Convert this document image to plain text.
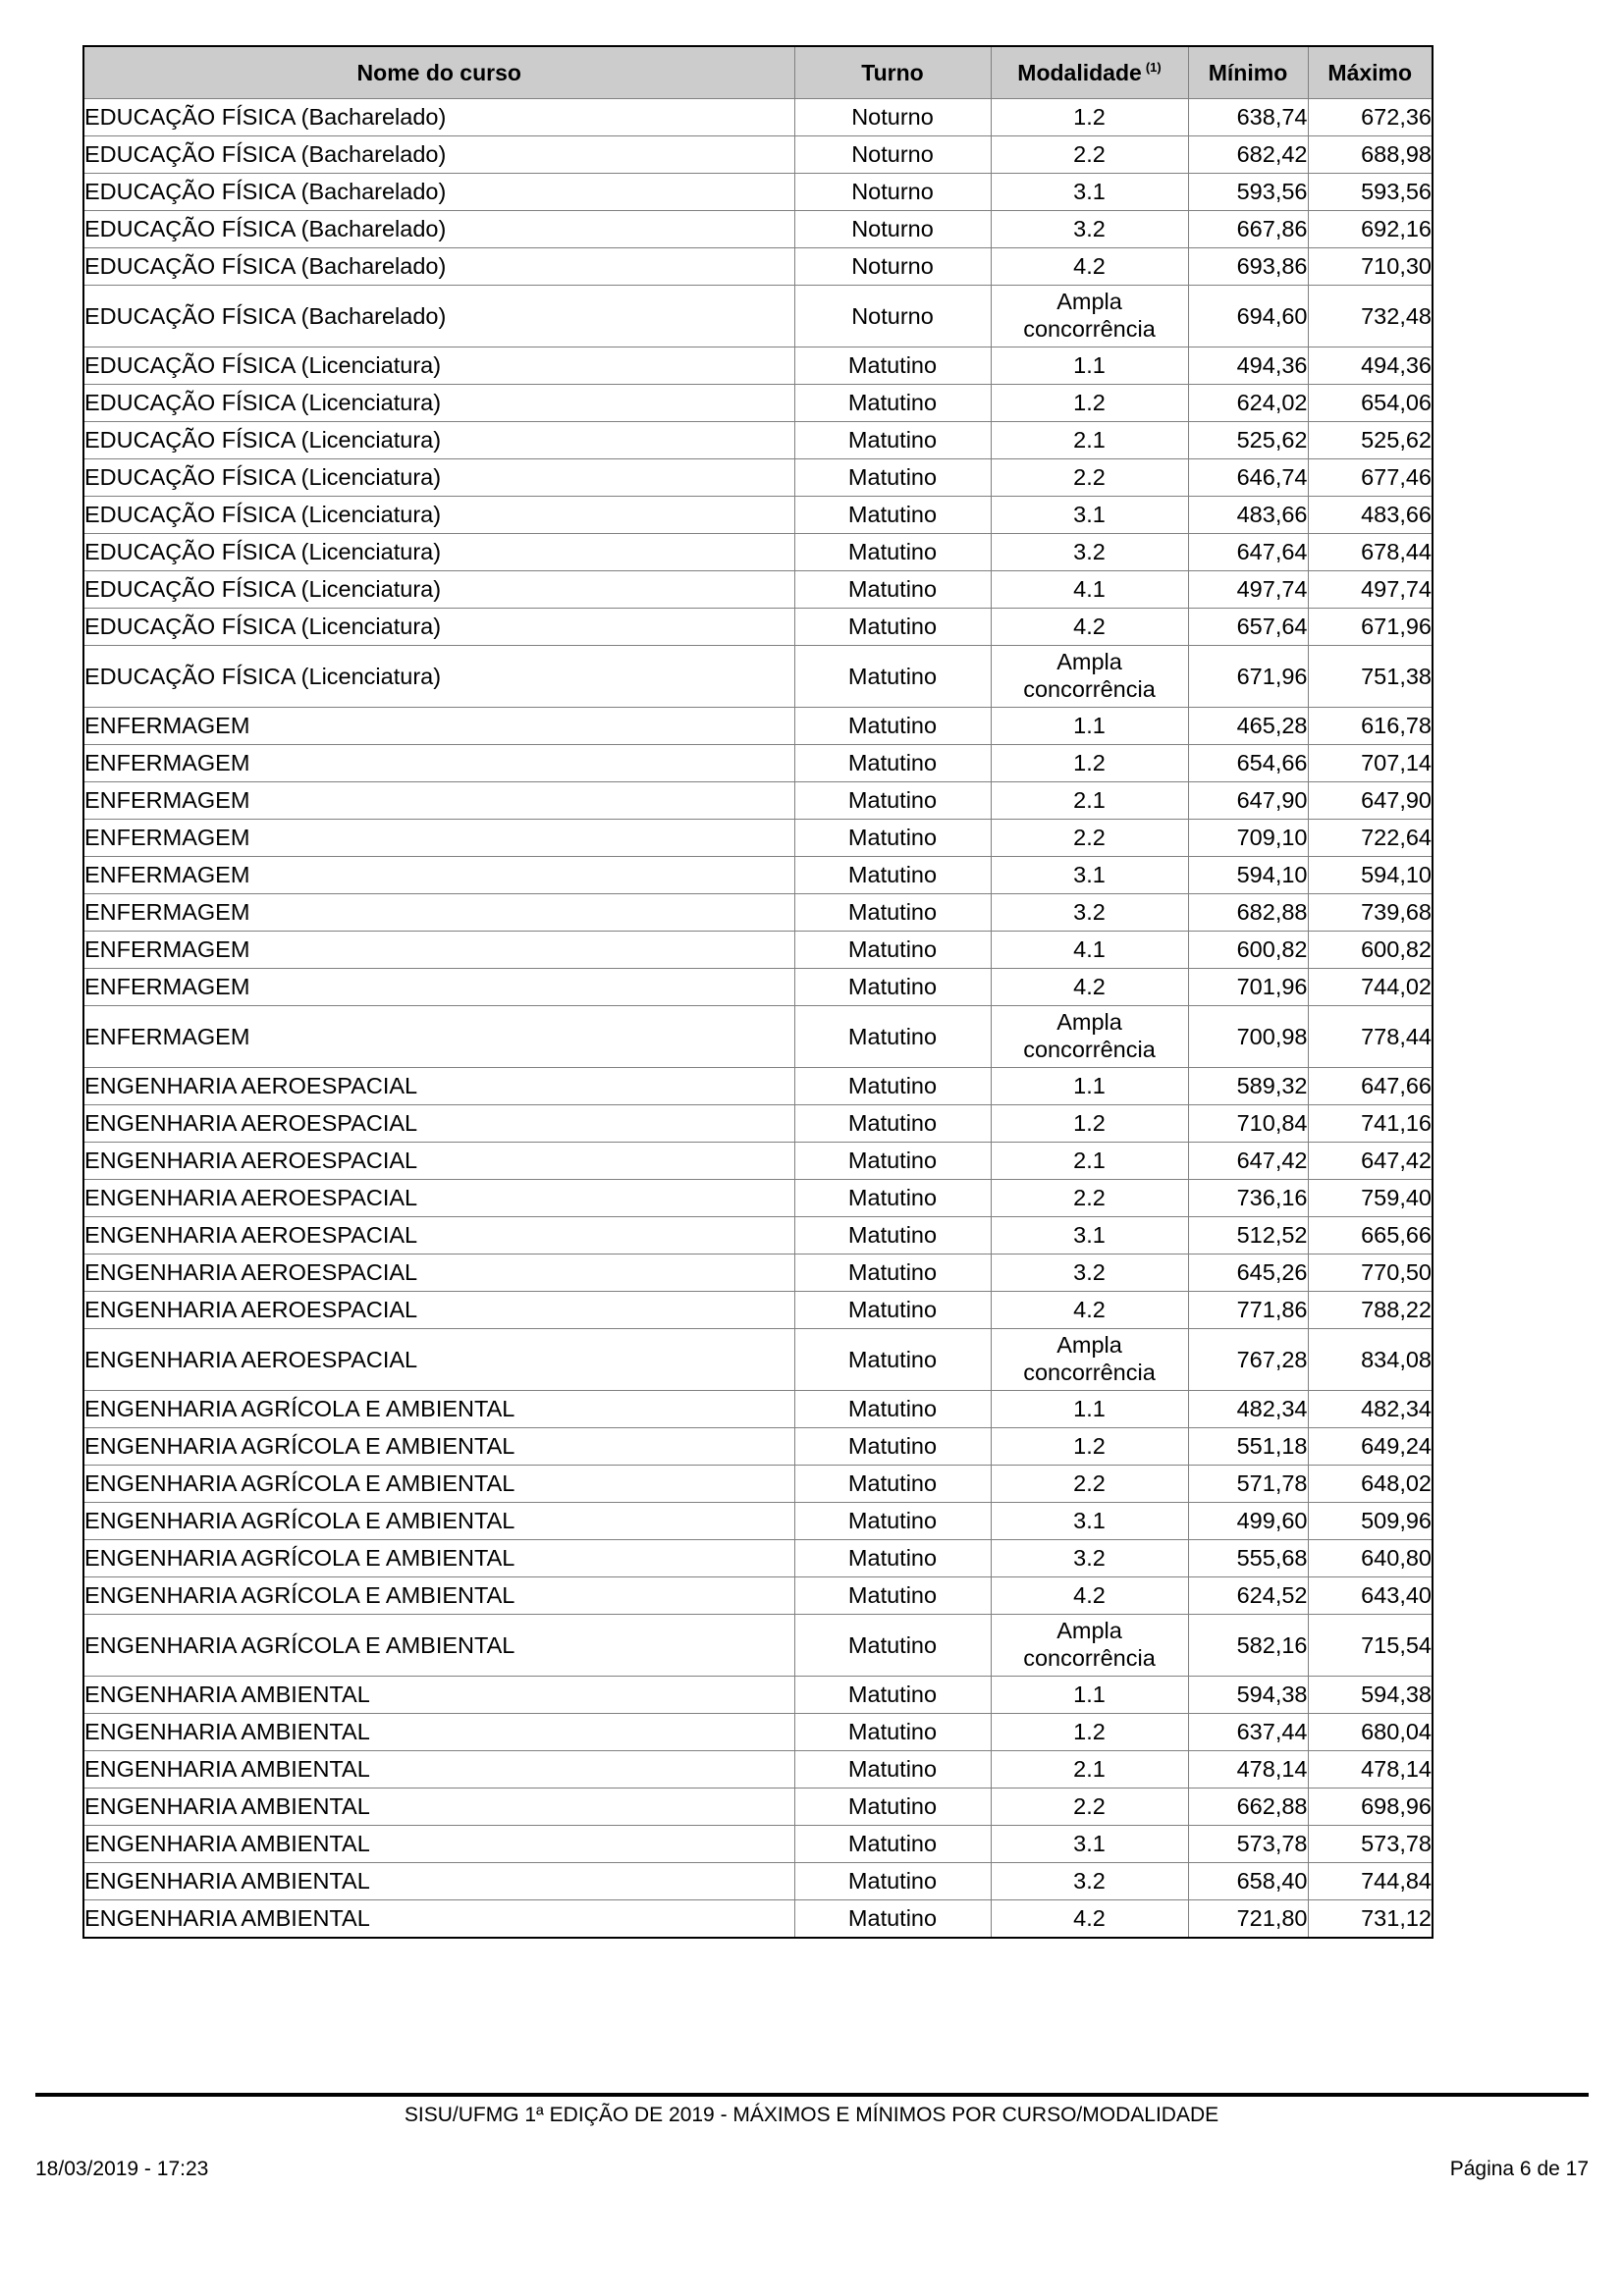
Nome do curso	Turno	Modalidade $^{(1)}$	Mínimo	Máximo
EDUCAÇÃO FÍSICA (Bacharelado)	Noturno	1.2	638,74	672,36
EDUCAÇÃO FÍSICA (Bacharelado)	Noturno	2.2	682,42	688,98
EDUCAÇÃO FÍSICA (Bacharelado)	Noturno	3.1	593,56	593,56
EDUCAÇÃO FÍSICA (Bacharelado)	Noturno	3.2	667,86	692,16
EDUCAÇÃO FÍSICA (Bacharelado)	Noturno	4.2	693,86	710,30
EDUCAÇÃO FÍSICA (Bacharelado)	Noturno	Ampla
concorrência	694,60	732,48
EDUCAÇÃO FÍSICA (Licenciatura)	Matutino	1.1	494,36	494,36
EDUCAÇÃO FÍSICA (Licenciatura)	Matutino	1.2	624,02	654,06
EDUCAÇÃO FÍSICA (Licenciatura)	Matutino	2.1	525,62	525,62
EDUCAÇÃO FÍSICA (Licenciatura)	Matutino	2.2	646,74	677,46
EDUCAÇÃO FÍSICA (Licenciatura)	Matutino	3.1	483,66	483,66
EDUCAÇÃO FÍSICA (Licenciatura)	Matutino	3.2	647,64	678,44
EDUCAÇÃO FÍSICA (Licenciatura)	Matutino	4.1	497,74	497,74
EDUCAÇÃO FÍSICA (Licenciatura)	Matutino	4.2	657,64	671,96
EDUCAÇÃO FÍSICA (Licenciatura)	Matutino	Ampla
concorrência	671,96	751,38
ENFERMAGEM	Matutino	1.1	465,28	616,78
ENFERMAGEM	Matutino	1.2	654,66	707,14
ENFERMAGEM	Matutino	2.1	647,90	647,90
ENFERMAGEM	Matutino	2.2	709,10	722,64
ENFERMAGEM	Matutino	3.1	594,10	594,10
ENFERMAGEM	Matutino	3.2	682,88	739,68
ENFERMAGEM	Matutino	4.1	600,82	600,82
ENFERMAGEM	Matutino	4.2	701,96	744,02
ENFERMAGEM	Matutino	Ampla
concorrência	700,98	778,44
ENGENHARIA AEROESPACIAL	Matutino	1.1	589,32	647,66
ENGENHARIA AEROESPACIAL	Matutino	1.2	710,84	741,16
ENGENHARIA AEROESPACIAL	Matutino	2.1	647,42	647,42
ENGENHARIA AEROESPACIAL	Matutino	2.2	736,16	759,40
ENGENHARIA AEROESPACIAL	Matutino	3.1	512,52	665,66
ENGENHARIA AEROESPACIAL	Matutino	3.2	645,26	770,50
ENGENHARIA AEROESPACIAL	Matutino	4.2	771,86	788,22
ENGENHARIA AEROESPACIAL	Matutino	Ampla
concorrência	767,28	834,08
ENGENHARIA AGRÍCOLA E AMBIENTAL	Matutino	1.1	482,34	482,34
ENGENHARIA AGRÍCOLA E AMBIENTAL	Matutino	1.2	551,18	649,24
ENGENHARIA AGRÍCOLA E AMBIENTAL	Matutino	2.2	571,78	648,02
ENGENHARIA AGRÍCOLA E AMBIENTAL	Matutino	3.1	499,60	509,96
ENGENHARIA AGRÍCOLA E AMBIENTAL	Matutino	3.2	555,68	640,80
ENGENHARIA AGRÍCOLA E AMBIENTAL	Matutino	4.2	624,52	643,40
ENGENHARIA AGRÍCOLA E AMBIENTAL	Matutino	Ampla
concorrência	582,16	715,54
ENGENHARIA AMBIENTAL	Matutino	1.1	594,38	594,38
ENGENHARIA AMBIENTAL	Matutino	1.2	637,44	680,04
ENGENHARIA AMBIENTAL	Matutino	2.1	478,14	478,14
ENGENHARIA AMBIENTAL	Matutino	2.2	662,88	698,96
ENGENHARIA AMBIENTAL	Matutino	3.1	573,78	573,78
ENGENHARIA AMBIENTAL	Matutino	3.2	658,40	744,84
ENGENHARIA AMBIENTAL	Matutino	4.2	721,80	731,12
SISU/UFMG 1ª EDIÇÃO DE 2019 - MÁXIMOS E MÍNIMOS POR CURSO/MODALIDADE
18/03/2019 - 17:23	Página 6 de 17
